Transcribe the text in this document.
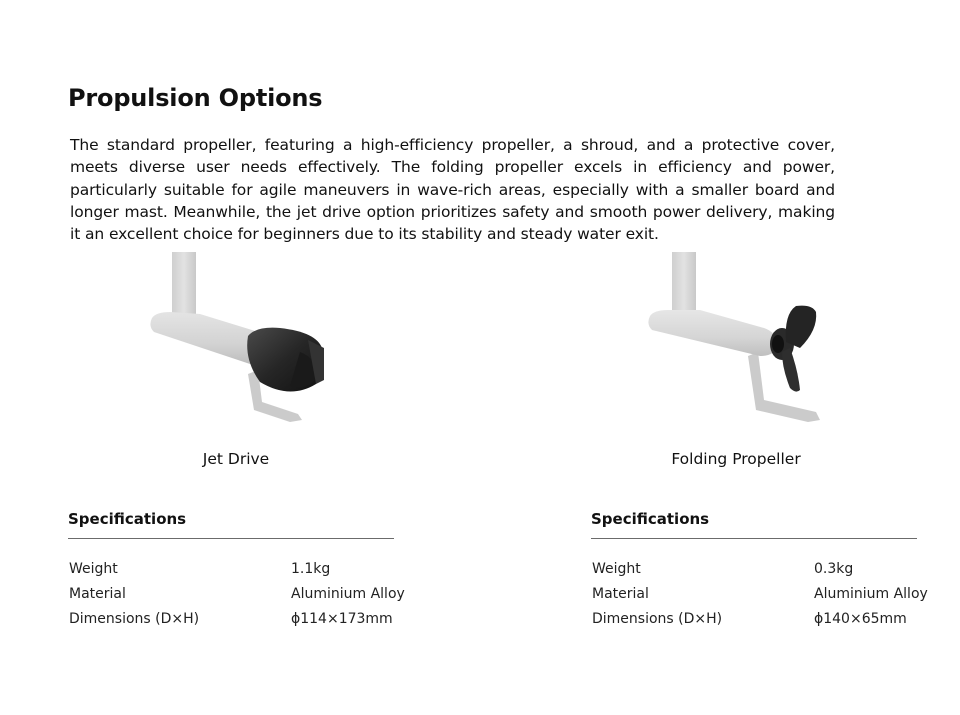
Propulsion Options

The standard propeller, featuring a high-efficiency propeller, a shroud, and a protective cover, meets diverse user needs effectively. The folding propeller excels in efficiency and power, particularly suitable for agile maneuvers in wave-rich areas, especially with a smaller board and longer mast. Meanwhile, the jet drive option prioritizes safety and smooth power delivery, making it an excellent choice for beginners due to its stability and steady water exit.

Jet Drive	Folding Propeller
Specifications
Weight	1.1kg
Material	Aluminium Alloy
Dimensions (D×H)	ϕ114×173mm
Specifications
Weight	0.3kg
Material	Aluminium Alloy
Dimensions (D×H)	ϕ140×65mm
